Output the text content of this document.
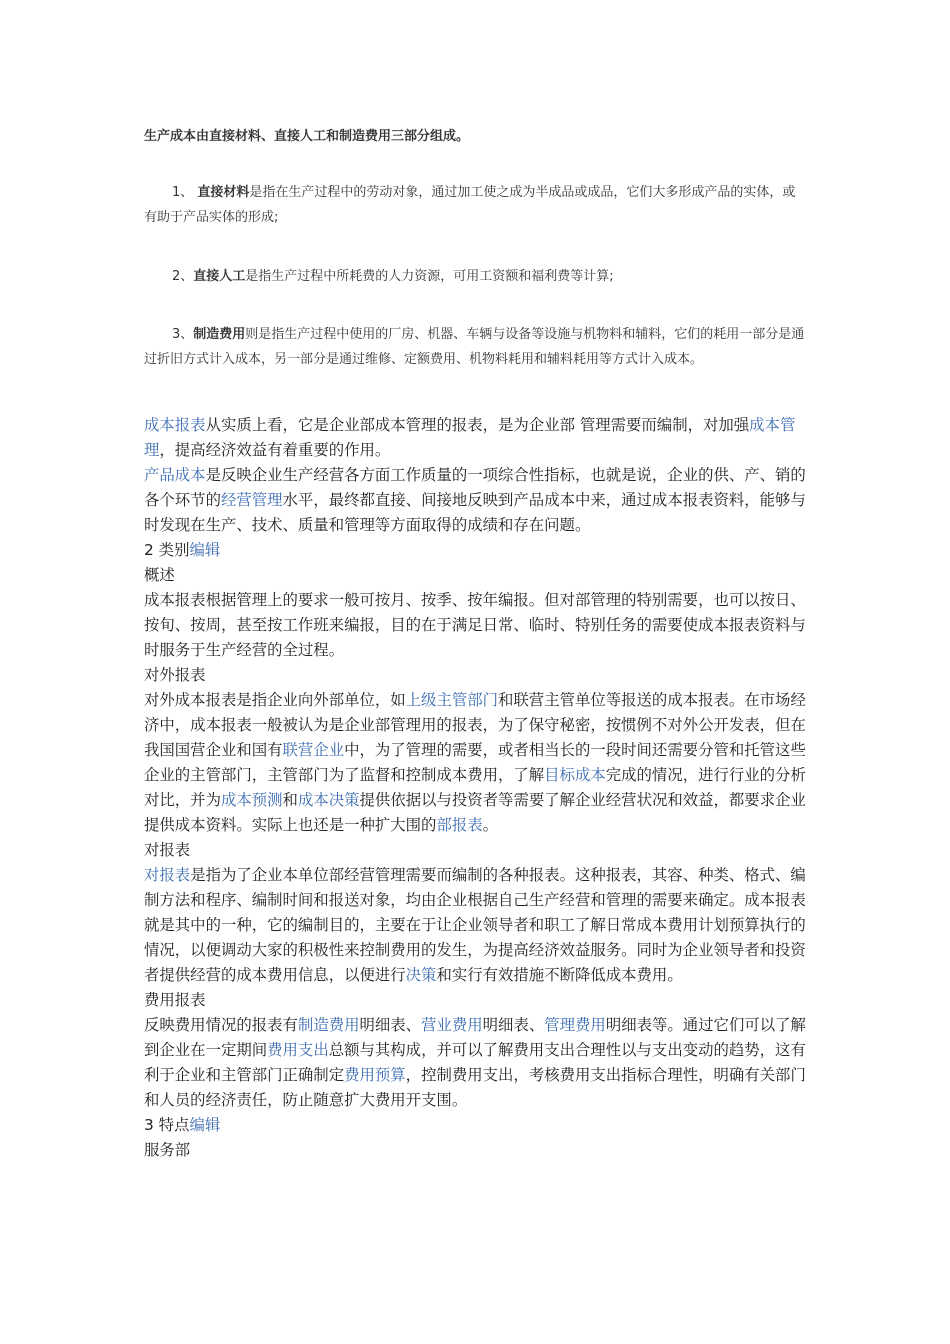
生产成本由直接材料、直接人工和制造费用三部分组成。

1、 直接材料是指在生产过程中的劳动对象，通过加工使之成为半成品或成品，它们大多形成产品的实体，或有助于产品实体的形成;

2、直接人工是指生产过程中所耗费的人力资源，可用工资额和福利费等计算;

3、制造费用则是指生产过程中使用的厂房、机器、车辆与设备等设施与机物料和辅料，它们的耗用一部分是通过折旧方式计入成本，另一部分是通过维修、定额费用、机物料耗用和辅料耗用等方式计入成本。

成本报表从实质上看，它是企业部成本管理的报表，是为企业部 管理需要而编制，对加强成本管理，提高经济效益有着重要的作用。

产品成本是反映企业生产经营各方面工作质量的一项综合性指标，也就是说，企业的供、产、销的各个环节的经营管理水平，最终都直接、间接地反映到产品成本中来，通过成本报表资料，能够与时发现在生产、技术、质量和管理等方面取得的成绩和存在问题。

2 类别编辑

概述

成本报表根据管理上的要求一般可按月、按季、按年编报。但对部管理的特别需要，也可以按日、按旬、按周，甚至按工作班来编报，目的在于满足日常、临时、特别任务的需要使成本报表资料与时服务于生产经营的全过程。

对外报表

对外成本报表是指企业向外部单位，如上级主管部门和联营主管单位等报送的成本报表。在市场经济中，成本报表一般被认为是企业部管理用的报表，为了保守秘密，按惯例不对外公开发表，但在我国国营企业和国有联营企业中，为了管理的需要，或者相当长的一段时间还需要分管和托管这些企业的主管部门，主管部门为了监督和控制成本费用，了解目标成本完成的情况，进行行业的分析对比，并为成本预测和成本决策提供依据以与投资者等需要了解企业经营状况和效益，都要求企业提供成本资料。实际上也还是一种扩大围的部报表。

对报表

对报表是指为了企业本单位部经营管理需要而编制的各种报表。这种报表，其容、种类、格式、编制方法和程序、编制时间和报送对象，均由企业根据自己生产经营和管理的需要来确定。成本报表就是其中的一种，它的编制目的，主要在于让企业领导者和职工了解日常成本费用计划预算执行的情况，以便调动大家的积极性来控制费用的发生，为提高经济效益服务。同时为企业领导者和投资者提供经营的成本费用信息，以便进行决策和实行有效措施不断降低成本费用。

费用报表

反映费用情况的报表有制造费用明细表、营业费用明细表、管理费用明细表等。通过它们可以了解到企业在一定期间费用支出总额与其构成，并可以了解费用支出合理性以与支出变动的趋势，这有利于企业和主管部门正确制定费用预算，控制费用支出，考核费用支出指标合理性，明确有关部门和人员的经济责任，防止随意扩大费用开支围。

3 特点编辑

服务部
